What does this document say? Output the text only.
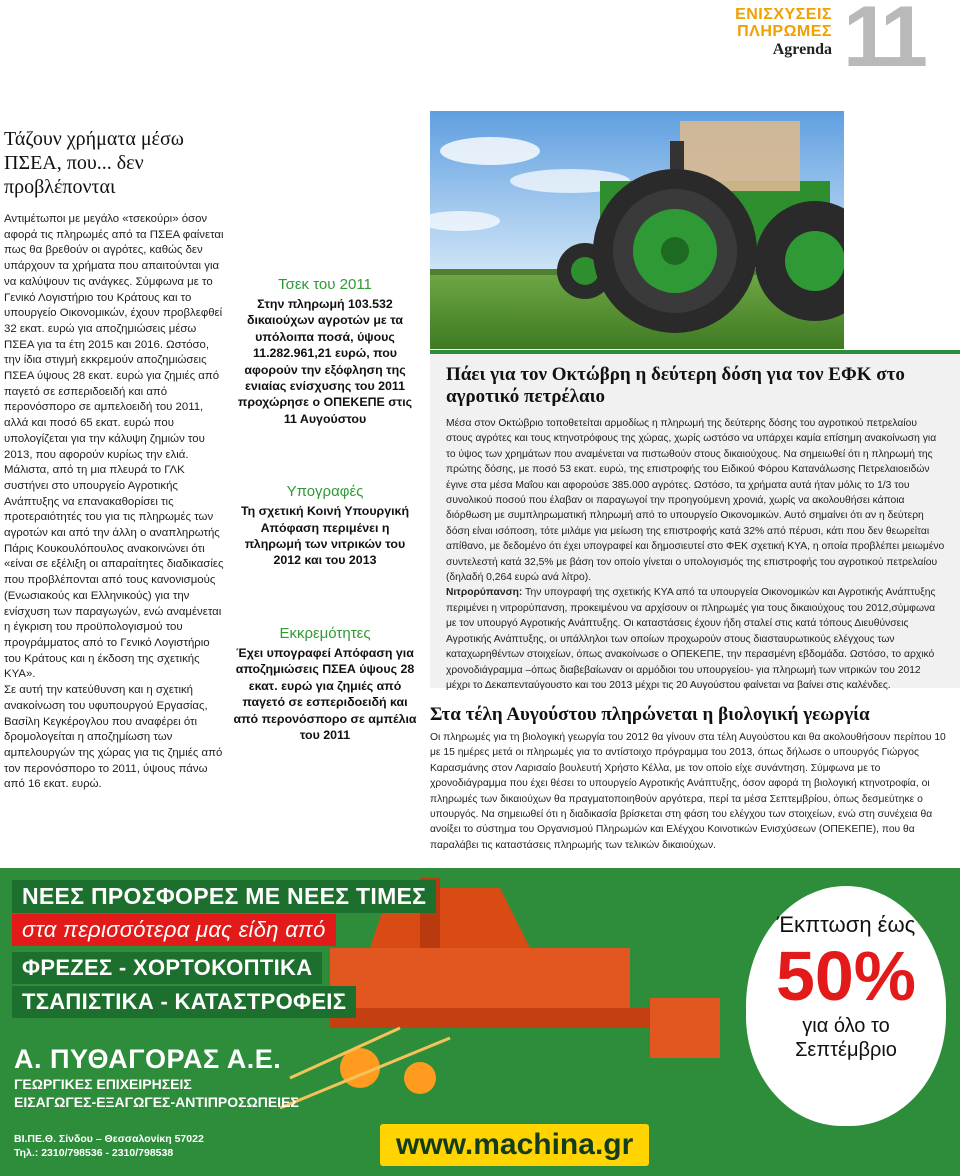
ΕΝΙΣΧΥΣΕΙΣ
ΠΛΗΡΩΜΕΣ
Agrenda 11
Τάζουν χρήματα μέσω ΠΣΕΑ, που... δεν προβλέπονται

Αντιμέτωποι με μεγάλο «τσεκούρι» όσον αφορά τις πληρωμές από τα ΠΣΕΑ φαίνεται πως θα βρεθούν οι αγρότες, καθώς δεν υπάρχουν τα χρήματα που απαιτούνται για να καλύψουν τις ανάγκες. Σύμφωνα με το Γενικό Λογιστήριο του Κράτους και το υπουργείο Οικονομικών, έχουν προβλεφθεί 32 εκατ. ευρώ για αποζημιώσεις μέσω ΠΣΕΑ για τα έτη 2015 και 2016. Ωστόσο, την ίδια στιγμή εκκρεμούν αποζημιώσεις ΠΣΕΑ ύψους 28 εκατ. ευρώ για ζημιές από παγετό σε εσπεριδοειδή και από περονόσπορο σε αμπελοειδή του 2011, αλλά και ποσό 65 εκατ. ευρώ που υπολογίζεται για την κάλυψη ζημιών του 2013, που αφορούν κυρίως την ελιά.

Μάλιστα, από τη μια πλευρά το ΓΛΚ συστήνει στο υπουργείο Αγροτικής Ανάπτυξης να επανακαθορίσει τις προτεραιότητές του για τις πληρωμές των αγροτών και από την άλλη ο αναπληρωτής Πάρις Κουκουλόπουλος ανακοινώνει ότι «είναι σε εξέλιξη οι απαραίτητες διαδικασίες που προβλέπονται από τους κανονισμούς (Ενωσιακούς και Ελληνικούς) για την ενίσχυση των παραγωγών, ενώ αναμένεται η έγκριση του προϋπολογισμού του προγράμματος από το Γενικό Λογιστήριο του Κράτους και η έκδοση της σχετικής ΚΥΑ».

Σε αυτή την κατεύθυνση και η σχετική ανακοίνωση του υφυπουργού Εργασίας, Βασίλη Κεγκέρογλου που αναφέρει ότι δρομολογείται η αποζημίωση των αμπελουργών της χώρας για τις ζημιές από τον περονόσπορο το 2011, ύψους πάνω από 16 εκατ. ευρώ.

Τσεκ του 2011
Στην πληρωμή 103.532 δικαιούχων αγροτών με τα υπόλοιπα ποσά, ύψους 11.282.961,21 ευρώ, που αφορούν την εξόφληση της ενιαίας ενίσχυσης του 2011 προχώρησε ο ΟΠΕΚΕΠΕ στις 11 Αυγούστου
Υπογραφές
Τη σχετική Κοινή Υπουργική Απόφαση περιμένει η πληρωμή των νιτρικών του 2012 και του 2013
Εκκρεμότητες
Έχει υπογραφεί Απόφαση για αποζημιώσεις ΠΣΕΑ ύψους 28 εκατ. ευρώ για ζημιές από παγετό σε εσπεριδοειδή και από περονόσπορο σε αμπέλια του 2011
Πάει για τον Οκτώβρη η δεύτερη δόση για τον ΕΦΚ στο αγροτικό πετρέλαιο

Μέσα στον Οκτώβριο τοποθετείται αρμοδίως η πληρωμή της δεύτερης δόσης του αγροτικού πετρελαίου στους αγρότες και τους κτηνοτρόφους της χώρας, χωρίς ωστόσο να υπάρχει καμία επίσημη ανακοίνωση για το ύψος των χρημάτων που αναμένεται να πιστωθούν στους δικαιούχους. Να σημειωθεί ότι η πληρωμή της πρώτης δόσης, με ποσό 53 εκατ. ευρώ, της επιστροφής του Ειδικού Φόρου Κατανάλωσης Πετρελαιοειδών έγινε στα μέσα Μαΐου και αφορούσε 385.000 αγρότες. Ωστόσο, τα χρήματα αυτά ήταν μόλις το 1/3 του συνολικού ποσού που έλαβαν οι παραγωγοί την προηγούμενη χρονιά, χωρίς να ακολουθήσει κάποια διόρθωση με συμπληρωματική πληρωμή από το υπουργείο Οικονομικών. Αυτό σημαίνει ότι αν η δεύτερη δόση είναι ισόποση, τότε μιλάμε για μείωση της επιστροφής κατά 32% από πέρυσι, κάτι που δεν θεωρείται απίθανο, με δεδομένο ότι έχει υπογραφεί και δημοσιευτεί στο ΦΕΚ σχετική ΚΥΑ, η οποία προβλέπει μειωμένο συντελεστή κατά 32,5% με βάση τον οποίο γίνεται ο υπολογισμός της επιστροφής του αγροτικού πετρελαίου (δηλαδή 0,264 ευρώ ανά λίτρο).
Νιτρορύπανση: Την υπογραφή της σχετικής ΚΥΑ από τα υπουργεία Οικονομικών και Αγροτικής Ανάπτυξης περιμένει η νιτρορύπανση, προκειμένου να αρχίσουν οι πληρωμές για τους δικαιούχους του 2012,σύμφωνα με τον υπουργό Αγροτικής Ανάπτυξης. Οι καταστάσεις έχουν ήδη σταλεί στις κατά τόπους Διευθύνσεις Αγροτικής Ανάπτυξης, οι υπάλληλοι των οποίων προχωρούν στους διασταυρωτικούς ελέγχους των καταχωρηθέντων στοιχείων, όπως ανακοίνωσε ο ΟΠΕΚΕΠΕ, την περασμένη εβδομάδα. Ωστόσο, το αρχικό χρονοδιάγραμμα –όπως διαβεβαίωναν οι αρμόδιοι του υπουργείου- για πληρωμή των νιτρικών του 2012 μέχρι το Δεκαπενταύγουστο και του 2013 μέχρι τις 20 Αυγούστου φαίνεται να βαίνει στις καλένδες.

Στα τέλη Αυγούστου πληρώνεται η βιολογική γεωργία

Οι πληρωμές για τη βιολογική γεωργία του 2012 θα γίνουν στα τέλη Αυγούστου και θα ακολουθήσουν περίπου 10 με 15 ημέρες μετά οι πληρωμές για το αντίστοιχο πρόγραμμα του 2013, όπως δήλωσε ο υπουργός Γιώργος Καρασμάνης στον Λαρισαίο βουλευτή Χρήστο Κέλλα, με τον οποίο είχε συνάντηση. Σύμφωνα με το χρονοδιάγραμμα που έχει θέσει το υπουργείο Αγροτικής Ανάπτυξης, όσον αφορά τη βιολογική κτηνοτροφία, οι πληρωμές των δικαιούχων θα πραγματοποιηθούν αργότερα, περί τα μέσα Σεπτεμβρίου, όπως δεσμεύτηκε ο υπουργός. Να σημειωθεί ότι η διαδικασία βρίσκεται στη φάση του ελέγχου των στοιχείων, ενώ στη συνέχεια θα ανοίξει το σύστημα του Οργανισμού Πληρωμών και Ελέγχου Κοινοτικών Ενισχύσεων (ΟΠΕΚΕΠΕ), που θα παραλάβει τις καταστάσεις πληρωμής των τελικών δικαιούχων.

ΝΕΕΣ ΠΡΟΣΦΟΡΕΣ ΜΕ ΝΕΕΣ ΤΙΜΕΣ
στα περισσότερα μας είδη από
ΦΡΕΖΕΣ - ΧΟΡΤΟΚΟΠΤΙΚΑ
ΤΣΑΠΙΣΤΙΚΑ - ΚΑΤΑΣΤΡΟΦΕΙΣ
Α. ΠΥΘΑΓΟΡΑΣ Α.Ε.
ΓΕΩΡΓΙΚΕΣ ΕΠΙΧΕΙΡΗΣΕΙΣ
ΕΙΣΑΓΩΓΕΣ-ΕΞΑΓΩΓΕΣ-ΑΝΤΙΠΡΟΣΩΠΕΙΕΣ
ΒΙ.ΠΕ.Θ. Σίνδου – Θεσσαλονίκη 57022
Τηλ.: 2310/798536 - 2310/798538	www.machina.gr
Έκπτωση έως
50%
για όλο το
Σεπτέμβριο
